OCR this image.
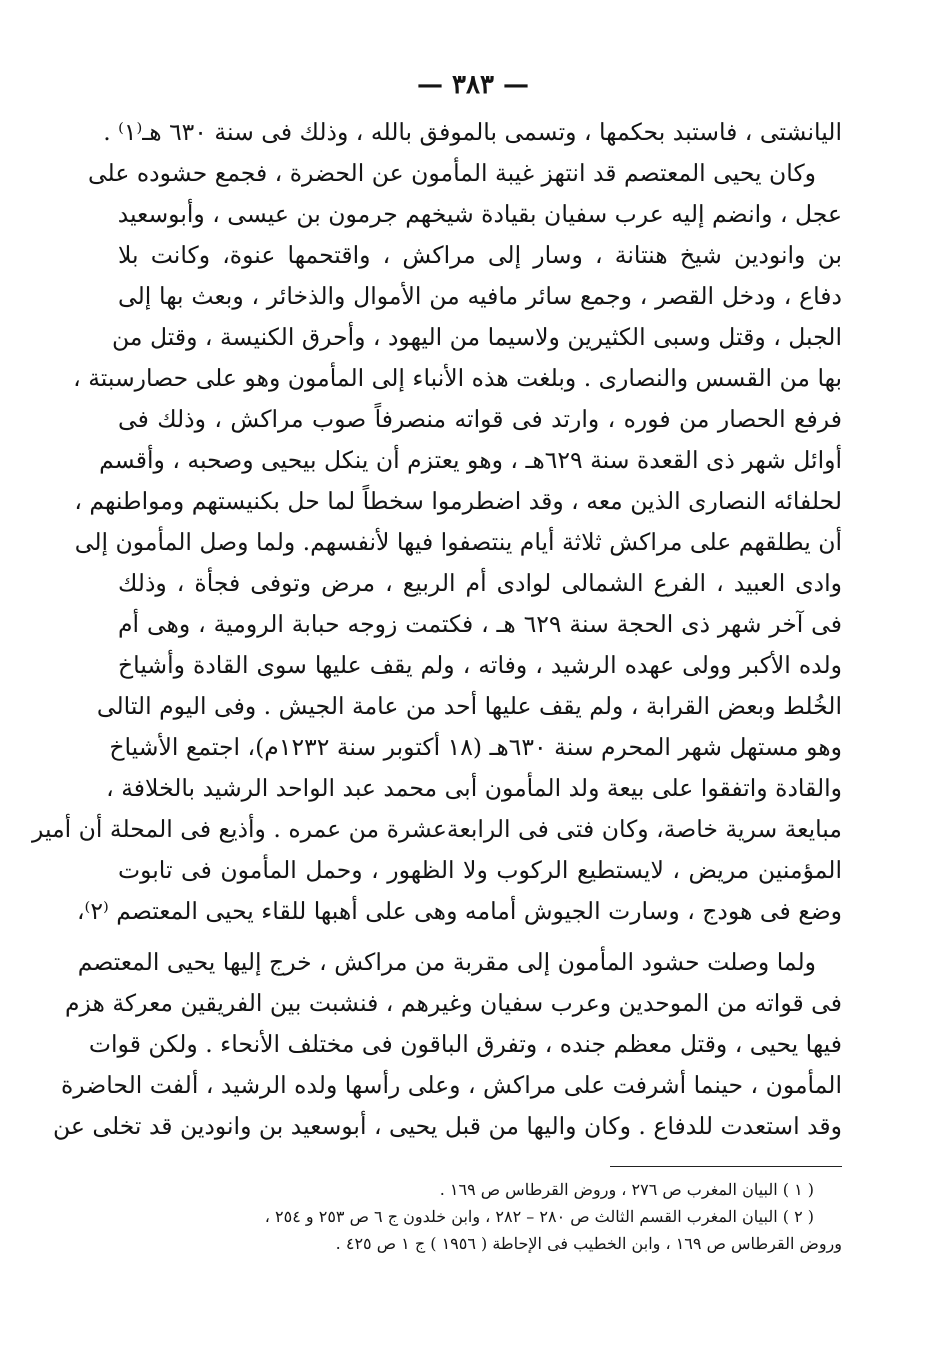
— ٣٨٣ —
اليانشتى ، فاستبد بحكمها ، وتسمى بالموفق بالله ، وذلك فى سنة ٦٣٠ هـ⁽١⁾ .
وكان يحيى المعتصم قد انتهز غيبة المأمون عن الحضرة ، فجمع حشوده على
عجل ، وانضم إليه عرب سفيان بقيادة شيخهم جرمون بن عيسى ، وأبوسعيد
بن وانودين شيخ هنتانة ، وسار إلى مراكش ، واقتحمها عنوة، وكانت بلا
دفاع ، ودخل القصر ، وجمع سائر مافيه من الأموال والذخائر ، وبعث بها إلى
الجبل ، وقتل وسبى الكثيرين ولاسيما من اليهود ، وأحرق الكنيسة ، وقتل من
بها من القسس والنصارى . وبلغت هذه الأنباء إلى المأمون وهو على حصارسبتة ،
فرفع الحصار من فوره ، وارتد فى قواته منصرفاً صوب مراكش ، وذلك فى
أوائل شهر ذى القعدة سنة ٦٢٩هـ ، وهو يعتزم أن ينكل بيحيى وصحبه ، وأقسم
لحلفائه النصارى الذين معه ، وقد اضطرموا سخطاً لما حل بكنيستهم ومواطنهم ،
أن يطلقهم على مراكش ثلاثة أيام ينتصفوا فيها لأنفسهم. ولما وصل المأمون إلى
وادى العبيد ، الفرع الشمالى لوادى أم الربيع ، مرض وتوفى فجأة ، وذلك
فى آخر شهر ذى الحجة سنة ٦٢٩ هـ ، فكتمت زوجه حبابة الرومية ، وهى أم
ولده الأكبر وولى عهده الرشيد ، وفاته ، ولم يقف عليها سوى القادة وأشياخ
الخُلط وبعض القرابة ، ولم يقف عليها أحد من عامة الجيش . وفى اليوم التالى
وهو مستهل شهر المحرم سنة ٦٣٠هـ (١٨ أكتوبر سنة ١٢٣٢م)، اجتمع الأشياخ
والقادة واتفقوا على بيعة ولد المأمون أبى محمد عبد الواحد الرشيد بالخلافة ،
مبايعة سرية خاصة، وكان فتى فى الرابعةعشرة من عمره . وأذيع فى المحلة أن أمير
المؤمنين مريض ، لايستطيع الركوب ولا الظهور ، وحمل المأمون فى تابوت
وضع فى هودج ، وسارت الجيوش أمامه وهى على أهبها للقاء يحيى المعتصم ⁽٢⁾،
ولما وصلت حشود المأمون إلى مقربة من مراكش ، خرج إليها يحيى المعتصم
فى قواته من الموحدين وعرب سفيان وغيرهم ، فنشبت بين الفريقين معركة هزم
فيها يحيى ، وقتل معظم جنده ، وتفرق الباقون فى مختلف الأنحاء . ولكن قوات
المأمون ، حينما أشرفت على مراكش ، وعلى رأسها ولده الرشيد ، ألفت الحاضرة
وقد استعدت للدفاع . وكان واليها من قبل يحيى ، أبوسعيد بن وانودين قد تخلى عن
( ١ ) البيان المغرب ص ٢٧٦ ، وروض القرطاس ص ١٦٩ .
( ٢ ) البيان المغرب القسم الثالث ص ٢٨٠ – ٢٨٢ ، وابن خلدون ج ٦ ص ٢٥٣ و ٢٥٤ ،
وروض القرطاس ص ١٦٩ ، وابن الخطيب فى الإحاطة ( ١٩٥٦ ) ج ١ ص ٤٢٥ .
